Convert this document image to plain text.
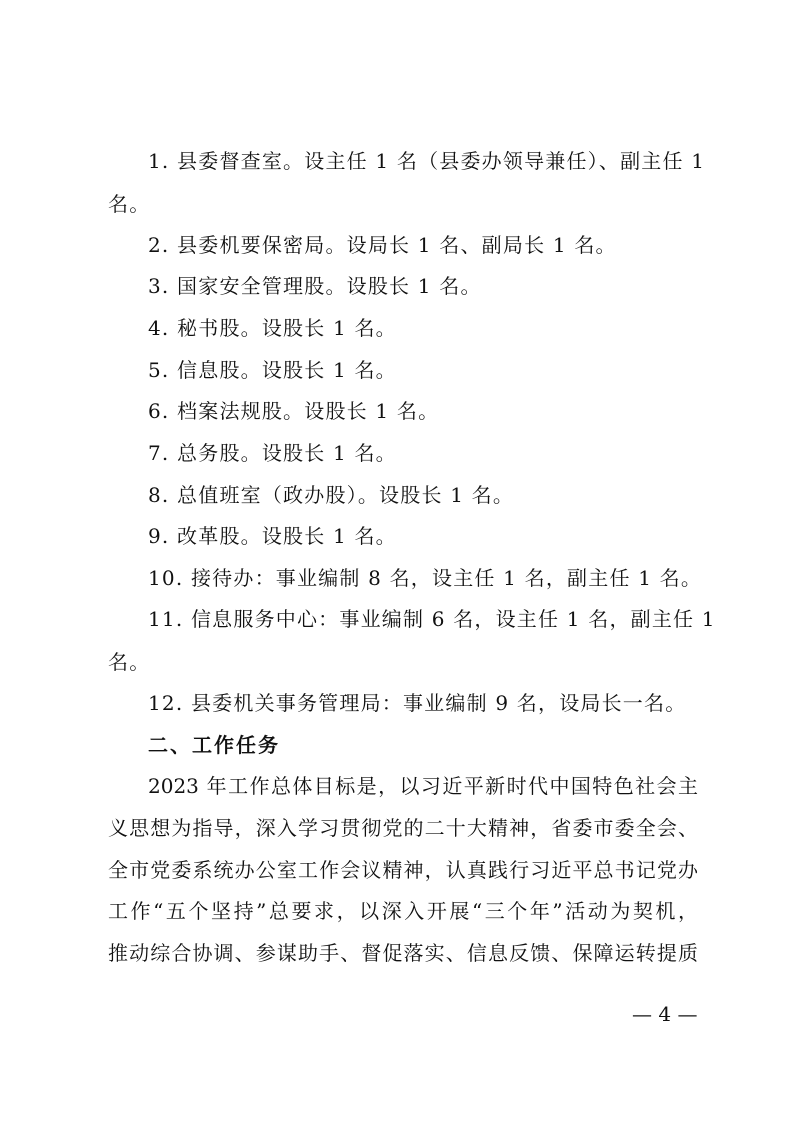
1. 县委督查室。设主任 1 名（县委办领导兼任）、副主任 1
名。
2. 县委机要保密局。设局长 1 名、副局长 1 名。
3. 国家安全管理股。设股长 1 名。
4. 秘书股。设股长 1 名。
5. 信息股。设股长 1 名。
6. 档案法规股。设股长 1 名。
7. 总务股。设股长 1 名。
8. 总值班室（政办股）。设股长 1 名。
9. 改革股。设股长 1 名。
10. 接待办：事业编制 8 名，设主任 1 名，副主任 1 名。
11. 信息服务中心：事业编制 6 名，设主任 1 名，副主任 1
名。
12. 县委机关事务管理局：事业编制 9 名，设局长一名。
二、工作任务
2023 年工作总体目标是，以习近平新时代中国特色社会主
义思想为指导，深入学习贯彻党的二十大精神，省委市委全会、
全市党委系统办公室工作会议精神，认真践行习近平总书记党办
工作“五个坚持”总要求，以深入开展“三个年”活动为契机，
推动综合协调、参谋助手、督促落实、信息反馈、保障运转提质
— 4 —
